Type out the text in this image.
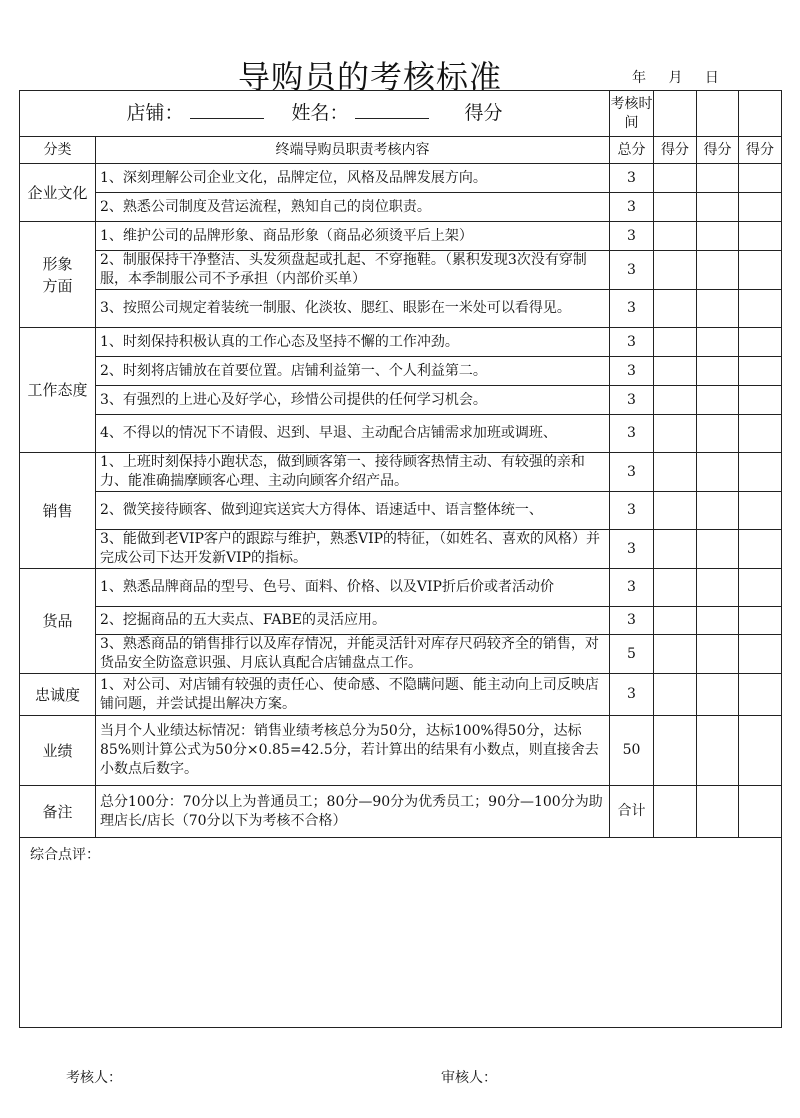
导购员的考核标准	年 月 日
店铺： 姓名： 得分		考核时间			
分类	终端导购员职责考核内容	总分	得分	得分	得分
企业文化	1、深刻理解公司企业文化，品牌定位，风格及品牌发展方向。	3			
	2、熟悉公司制度及营运流程，熟知自己的岗位职责。	3			
形象方面	1、维护公司的品牌形象、商品形象（商品必须烫平后上架）	3			
	2、制服保持干净整洁、头发须盘起或扎起、不穿拖鞋。（累积发现3次没有穿制服，本季制服公司不予承担（内部价买单）	3			
	3、按照公司规定着装统一制服、化淡妆、腮红、眼影在一米处可以看得见。	3			
工作态度	1、时刻保持积极认真的工作心态及坚持不懈的工作冲劲。	3			
	2、时刻将店铺放在首要位置。店铺利益第一、个人利益第二。	3			
	3、有强烈的上进心及好学心，珍惜公司提供的任何学习机会。	3			
	4、不得以的情况下不请假、迟到、早退、主动配合店铺需求加班或调班、	3			
销售	1、上班时刻保持小跑状态，做到顾客第一、接待顾客热情主动、有较强的亲和力、能准确揣摩顾客心理、主动向顾客介绍产品。	3			
	2、微笑接待顾客、做到迎宾送宾大方得体、语速适中、语言整体统一、	3			
	3、能做到老VIP客户的跟踪与维护，熟悉VIP的特征，（如姓名、喜欢的风格）并完成公司下达开发新VIP的指标。	3			
货品	1、熟悉品牌商品的型号、色号、面料、价格、以及VIP折后价或者活动价	3			
	2、挖掘商品的五大卖点、FABE的灵活应用。	3			
	3、熟悉商品的销售排行以及库存情况，并能灵活针对库存尺码较齐全的销售，对货品安全防盗意识强、月底认真配合店铺盘点工作。	5			
忠诚度	1、对公司、对店铺有较强的责任心、使命感、不隐瞒问题、能主动向上司反映店铺问题，并尝试提出解决方案。	3			
业绩	当月个人业绩达标情况：销售业绩考核总分为50分，达标100%得50分，达标85%则计算公式为50分×0.85=42.5分，若计算出的结果有小数点，则直接舍去小数点后数字。	50			
备注	总分100分：70分以上为普通员工；80分—90分为优秀员工；90分—100分为助理店长/店长（70分以下为考核不合格）	合计			
综合点评：					
考核人：	审核人：
